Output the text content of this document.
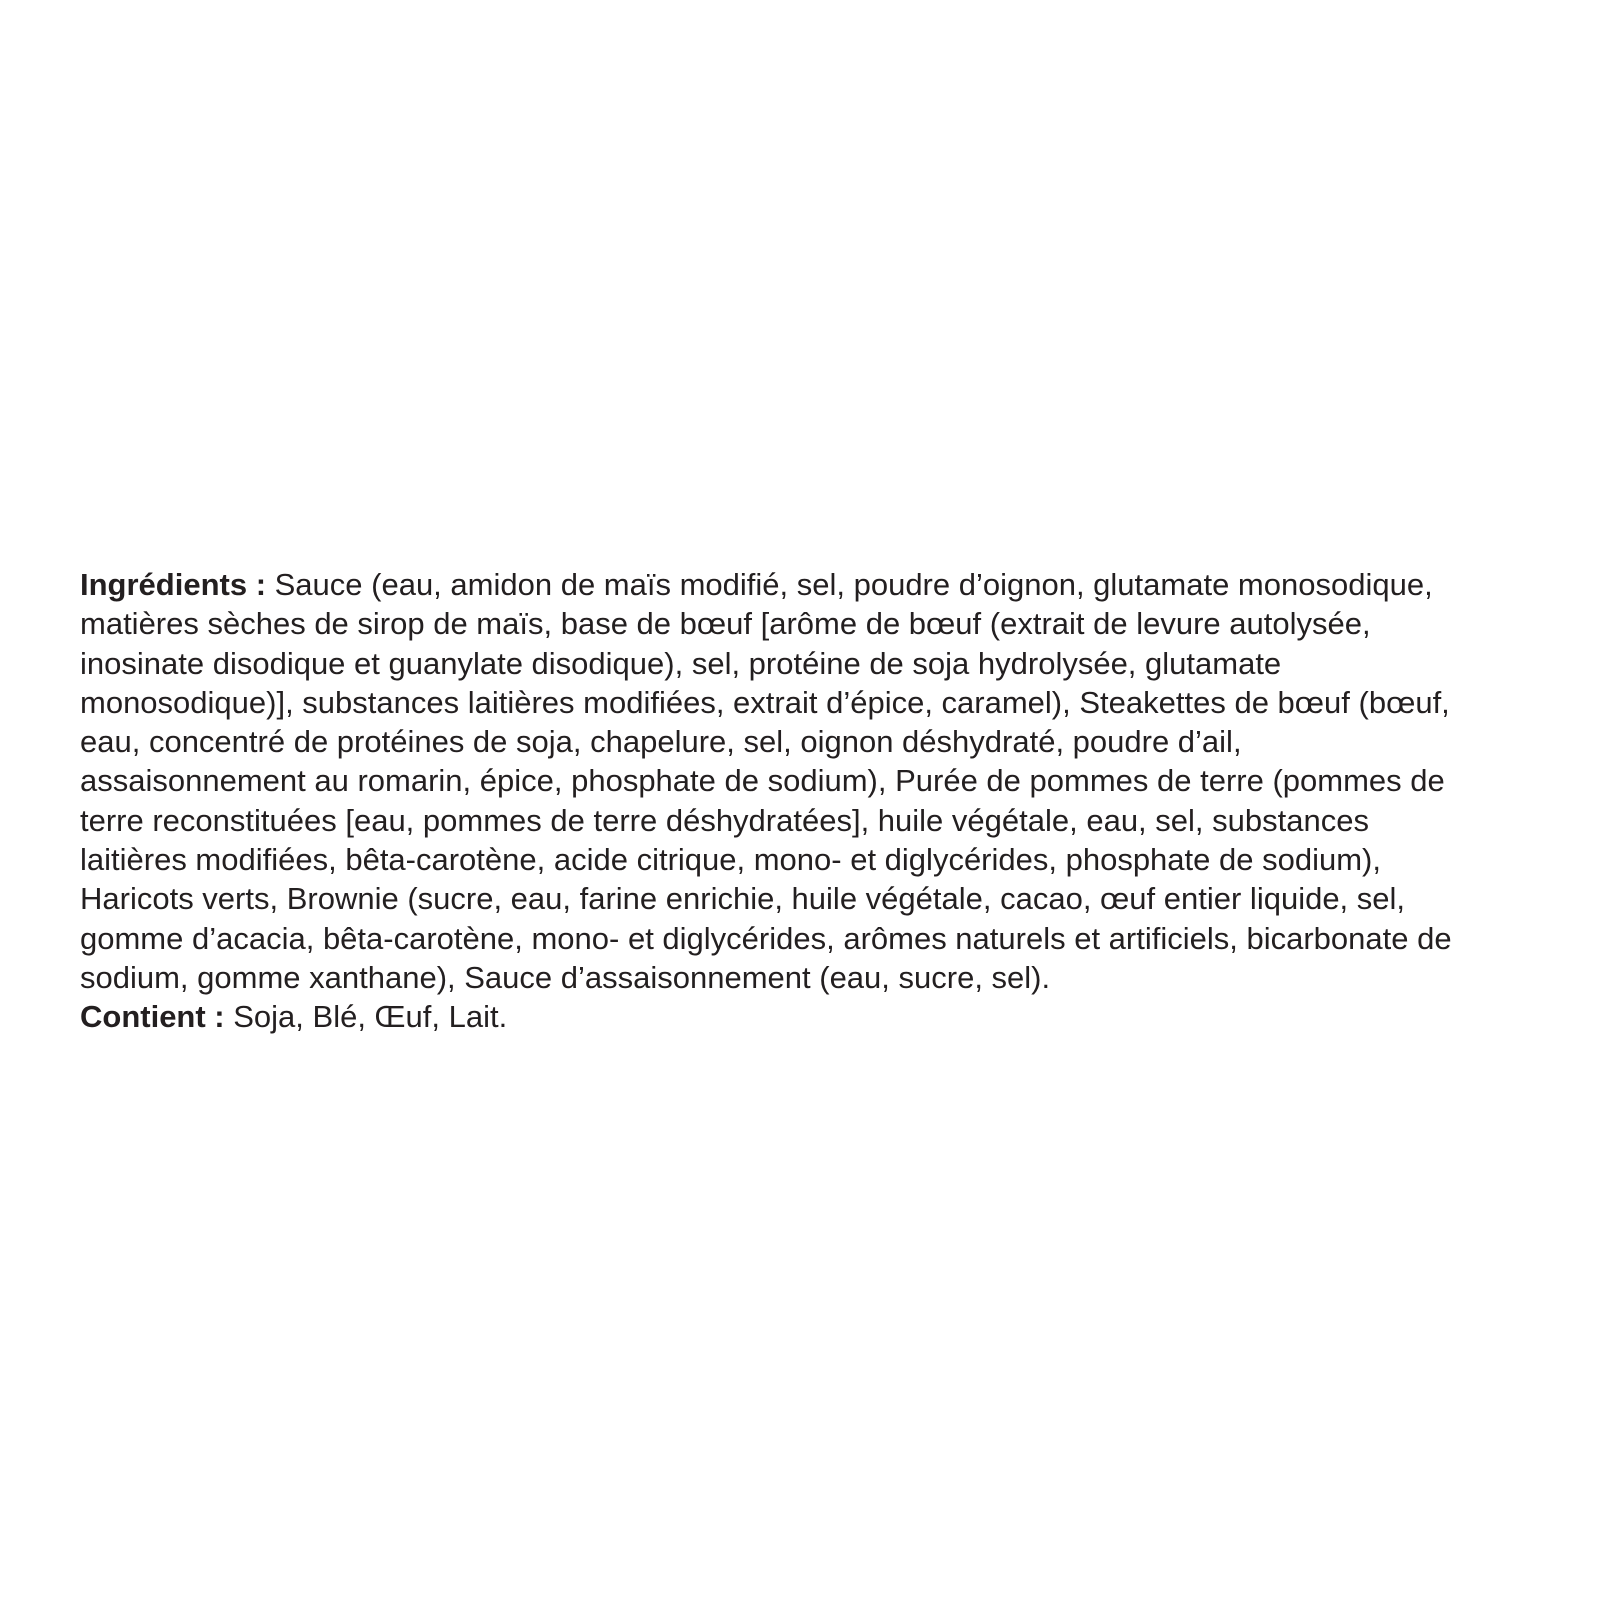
Ingrédients : Sauce (eau, amidon de maïs modifié, sel, poudre d’oignon, glutamate monosodique,
matières sèches de sirop de maïs, base de bœuf [arôme de bœuf (extrait de levure autolysée,
inosinate disodique et guanylate disodique), sel, protéine de soja hydrolysée, glutamate
monosodique)], substances laitières modifiées, extrait d’épice, caramel), Steakettes de bœuf (bœuf,
eau, concentré de protéines de soja, chapelure, sel, oignon déshydraté, poudre d’ail,
assaisonnement au romarin, épice, phosphate de sodium), Purée de pommes de terre (pommes de
terre reconstituées [eau, pommes de terre déshydratées], huile végétale, eau, sel, substances
laitières modifiées, bêta-carotène, acide citrique, mono- et diglycérides, phosphate de sodium),
Haricots verts, Brownie (sucre, eau, farine enrichie, huile végétale, cacao, œuf entier liquide, sel,
gomme d’acacia, bêta-carotène, mono- et diglycérides, arômes naturels et artificiels, bicarbonate de
sodium, gomme xanthane), Sauce d’assaisonnement (eau, sucre, sel).
Contient : Soja, Blé, Œuf, Lait.
